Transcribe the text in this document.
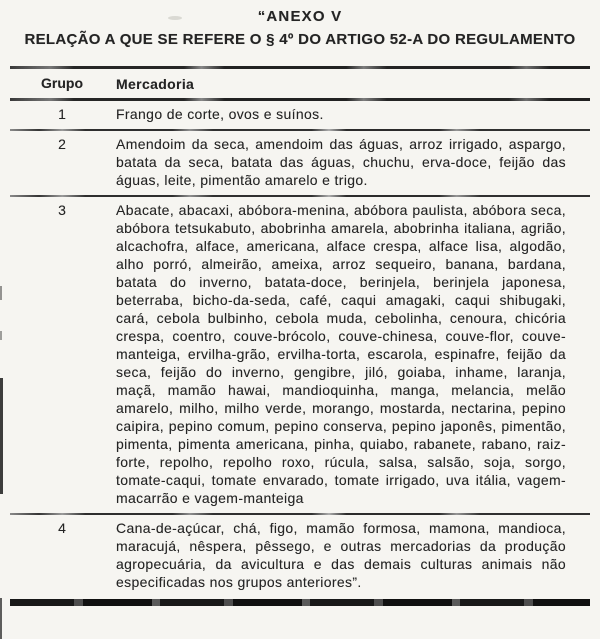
“ANEXO V
RELAÇÃO A QUE SE REFERE O § 4º DO ARTIGO 52-A DO REGULAMENTO
Grupo	Mercadoria
1	Frango de corte, ovos e suínos.
2	Amendoim da seca, amendoim das águas, arroz irrigado, aspargo, batata da seca, batata das águas, chuchu, erva-doce, feijão das águas, leite, pimentão amarelo e trigo.
3	Abacate, abacaxi, abóbora-menina, abóbora paulista, abóbora seca, abóbora tetsukabuto, abobrinha amarela, abobrinha italiana, agrião, alcachofra, alface, americana, alface crespa, alface lisa, algodão, alho porró, almeirão, ameixa, arroz sequeiro, banana, bardana, batata do inverno, batata-doce, berinjela, berinjela japonesa, beterraba, bicho-da-seda, café, caqui amagaki, caqui shibugaki, cará, cebola bulbinho, cebola muda, cebolinha, cenoura, chicória crespa, coentro, couve-brócolo, couve-chinesa, couve-flor, couve-manteiga, ervilha-grão, ervilha-torta, escarola, espinafre, feijão da seca, feijão do inverno, gengibre, jiló, goiaba, inhame, laranja, maçã, mamão hawai, mandioquinha, manga, melancia, melão amarelo, milho, milho verde, morango, mostarda, nectarina, pepino caipira, pepino comum, pepino conserva, pepino japonês, pimentão, pimenta, pimenta americana, pinha, quiabo, rabanete, rabano, raiz-forte, repolho, repolho roxo, rúcula, salsa, salsão, soja, sorgo, tomate-caqui, tomate envarado, tomate irrigado, uva itália, vagem-macarrão e vagem-manteiga
4	Cana-de-açúcar, chá, figo, mamão formosa, mamona, mandioca, maracujá, nêspera, pêssego, e outras mercadorias da produção agropecuária, da avicultura e das demais culturas animais não especificadas nos grupos anteriores”.
